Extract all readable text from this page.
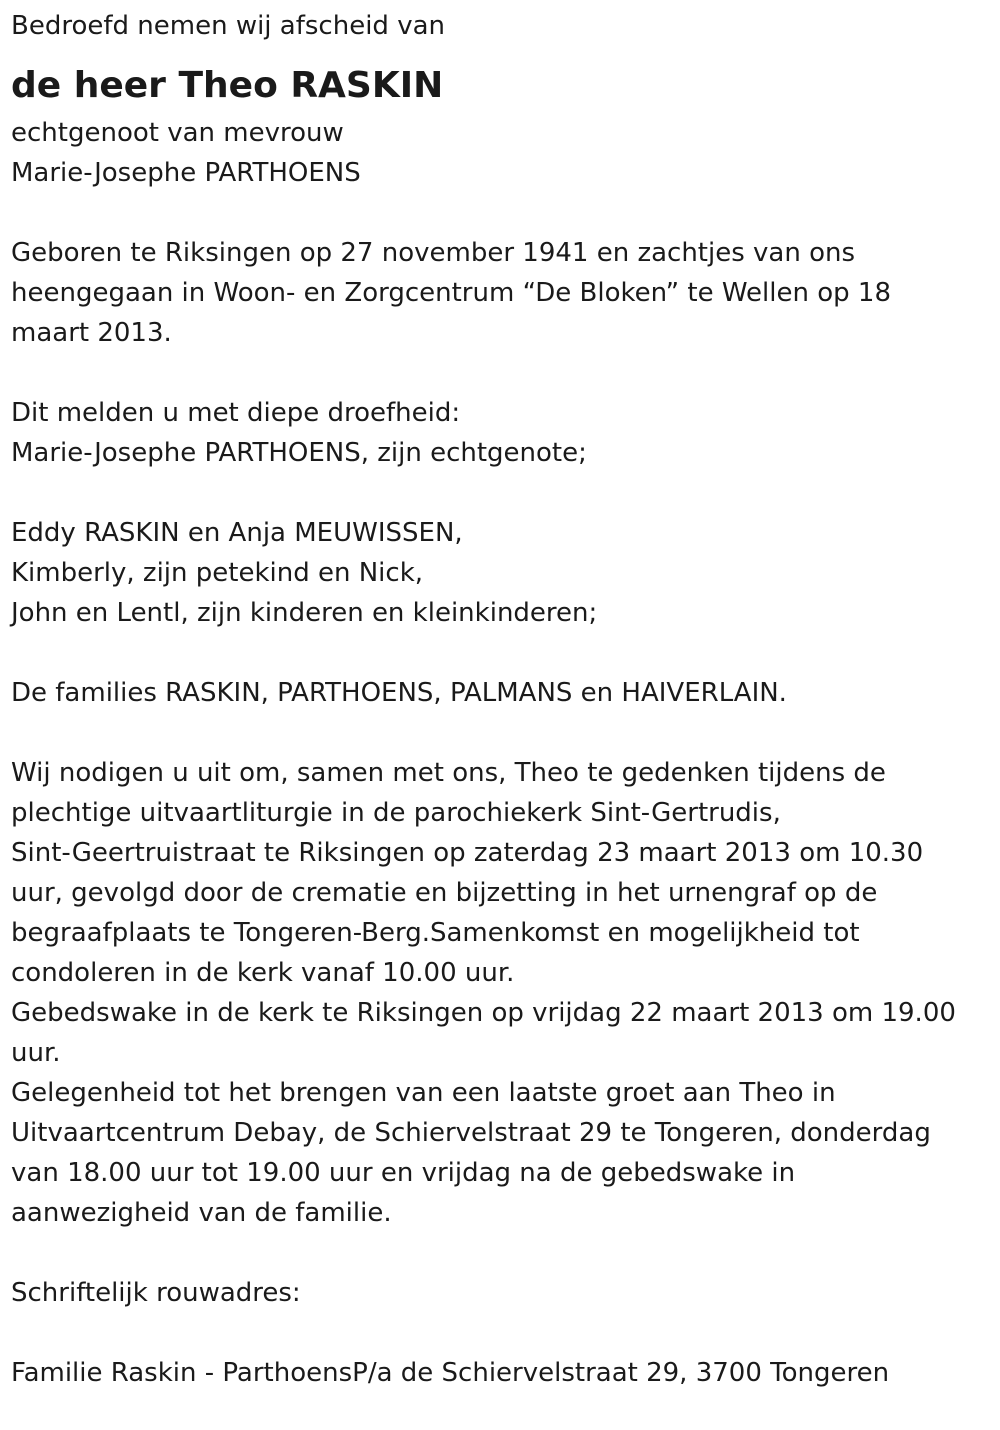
Bedroefd nemen wij afscheid van
de heer Theo RASKIN
echtgenoot van mevrouw
Marie-Josephe PARTHOENS
Geboren te Riksingen op 27 november 1941 en zachtjes van ons
heengegaan in Woon- en Zorgcentrum “De Bloken” te Wellen op 18
maart 2013.
Dit melden u met diepe droefheid:
Marie-Josephe PARTHOENS, zijn echtgenote;
Eddy RASKIN en Anja MEUWISSEN,
Kimberly, zijn petekind en Nick,
John en Lentl, zijn kinderen en kleinkinderen;
De families RASKIN, PARTHOENS, PALMANS en HAIVERLAIN.
Wij nodigen u uit om, samen met ons, Theo te gedenken tijdens de
plechtige uitvaartliturgie in de parochiekerk Sint-Gertrudis,
Sint-Geertruistraat te Riksingen op zaterdag 23 maart 2013 om 10.30
uur, gevolgd door de crematie en bijzetting in het urnengraf op de
begraafplaats te Tongeren-Berg.Samenkomst en mogelijkheid tot
condoleren in de kerk vanaf 10.00 uur.
Gebedswake in de kerk te Riksingen op vrijdag 22 maart 2013 om 19.00
uur.
Gelegenheid tot het brengen van een laatste groet aan Theo in
Uitvaartcentrum Debay, de Schiervelstraat 29 te Tongeren, donderdag
van 18.00 uur tot 19.00 uur en vrijdag na de gebedswake in
aanwezigheid van de familie.
Schriftelijk rouwadres:
Familie Raskin - ParthoensP/a de Schiervelstraat 29, 3700 Tongeren
